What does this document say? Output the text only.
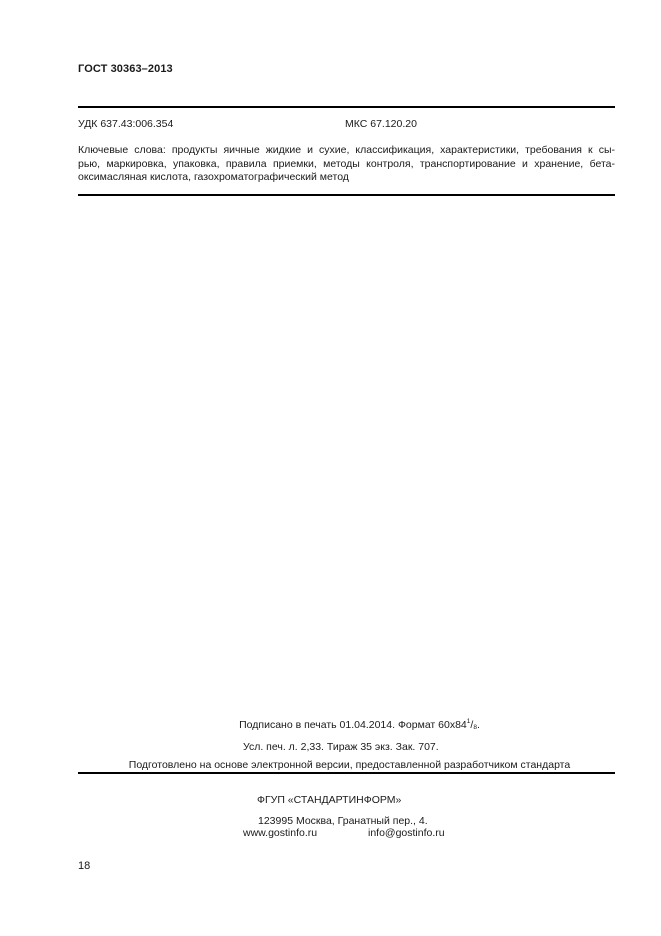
ГОСТ 30363–2013
УДК 637.43:006.354	МКС 67.120.20
Ключевые слова: продукты яичные жидкие и сухие, классификация, характеристики, требования к сы-
рью, маркировка, упаковка, правила приемки, методы контроля, транспортирование и хранение, бета-
оксимасляная кислота, газохроматографический метод
Подписано в печать 01.04.2014. Формат $60x84^1/_8$.
Усл. печ. л. 2,33. Тираж 35 экз. Зак. 707.
Подготовлено на основе электронной версии, предоставленной разработчиком стандарта
ФГУП «СТАНДАРТИНФОРМ»
123995 Москва, Гранатный пер., 4.
www.gostinfo.ru	info@gostinfo.ru
18
